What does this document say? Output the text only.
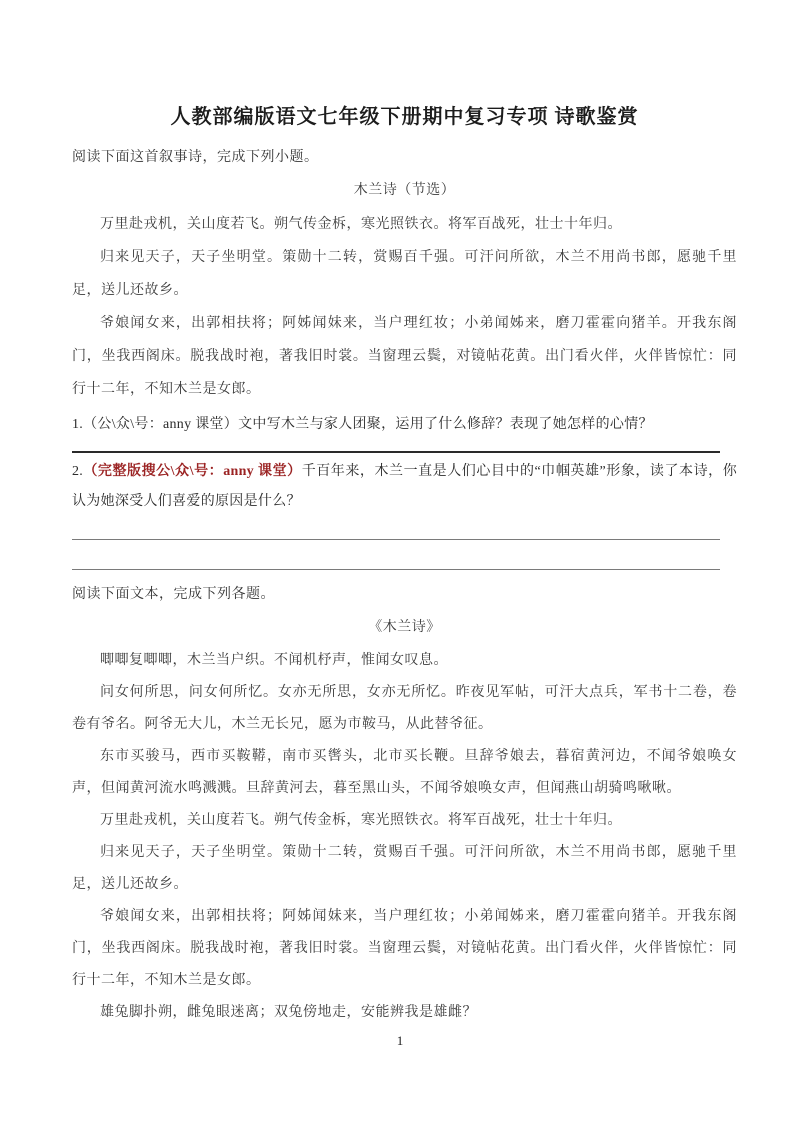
人教部编版语文七年级下册期中复习专项 诗歌鉴赏

阅读下面这首叙事诗，完成下列小题。

木兰诗（节选）

万里赴戎机，关山度若飞。朔气传金柝，寒光照铁衣。将军百战死，壮士十年归。

归来见天子，天子坐明堂。策勋十二转，赏赐百千强。可汗问所欲，木兰不用尚书郎，愿驰千里足，送儿还故乡。

爷娘闻女来，出郭相扶将；阿姊闻妹来，当户理红妆；小弟闻姊来，磨刀霍霍向猪羊。开我东阁门，坐我西阁床。脱我战时袍，著我旧时裳。当窗理云鬓，对镜帖花黄。出门看火伴，火伴皆惊忙：同行十二年，不知木兰是女郎。

1.（公\众\号：anny 课堂）文中写木兰与家人团聚，运用了什么修辞？表现了她怎样的心情？

2.（完整版搜公\众\号：anny 课堂）千百年来，木兰一直是人们心目中的“巾帼英雄”形象，读了本诗，你认为她深受人们喜爱的原因是什么？

阅读下面文本，完成下列各题。

《木兰诗》

唧唧复唧唧，木兰当户织。不闻机杼声，惟闻女叹息。

问女何所思，问女何所忆。女亦无所思，女亦无所忆。昨夜见军帖，可汗大点兵，军书十二卷，卷卷有爷名。阿爷无大儿，木兰无长兄，愿为市鞍马，从此替爷征。

东市买骏马，西市买鞍鞯，南市买辔头，北市买长鞭。旦辞爷娘去，暮宿黄河边，不闻爷娘唤女声，但闻黄河流水鸣溅溅。旦辞黄河去，暮至黑山头，不闻爷娘唤女声，但闻燕山胡骑鸣啾啾。

万里赴戎机，关山度若飞。朔气传金柝，寒光照铁衣。将军百战死，壮士十年归。

归来见天子，天子坐明堂。策勋十二转，赏赐百千强。可汗问所欲，木兰不用尚书郎，愿驰千里足，送儿还故乡。

爷娘闻女来，出郭相扶将；阿姊闻妹来，当户理红妆；小弟闻姊来，磨刀霍霍向猪羊。开我东阁门，坐我西阁床。脱我战时袍，著我旧时裳。当窗理云鬓，对镜帖花黄。出门看火伴，火伴皆惊忙：同行十二年，不知木兰是女郎。

雄兔脚扑朔，雌兔眼迷离；双兔傍地走，安能辨我是雄雌？

1
